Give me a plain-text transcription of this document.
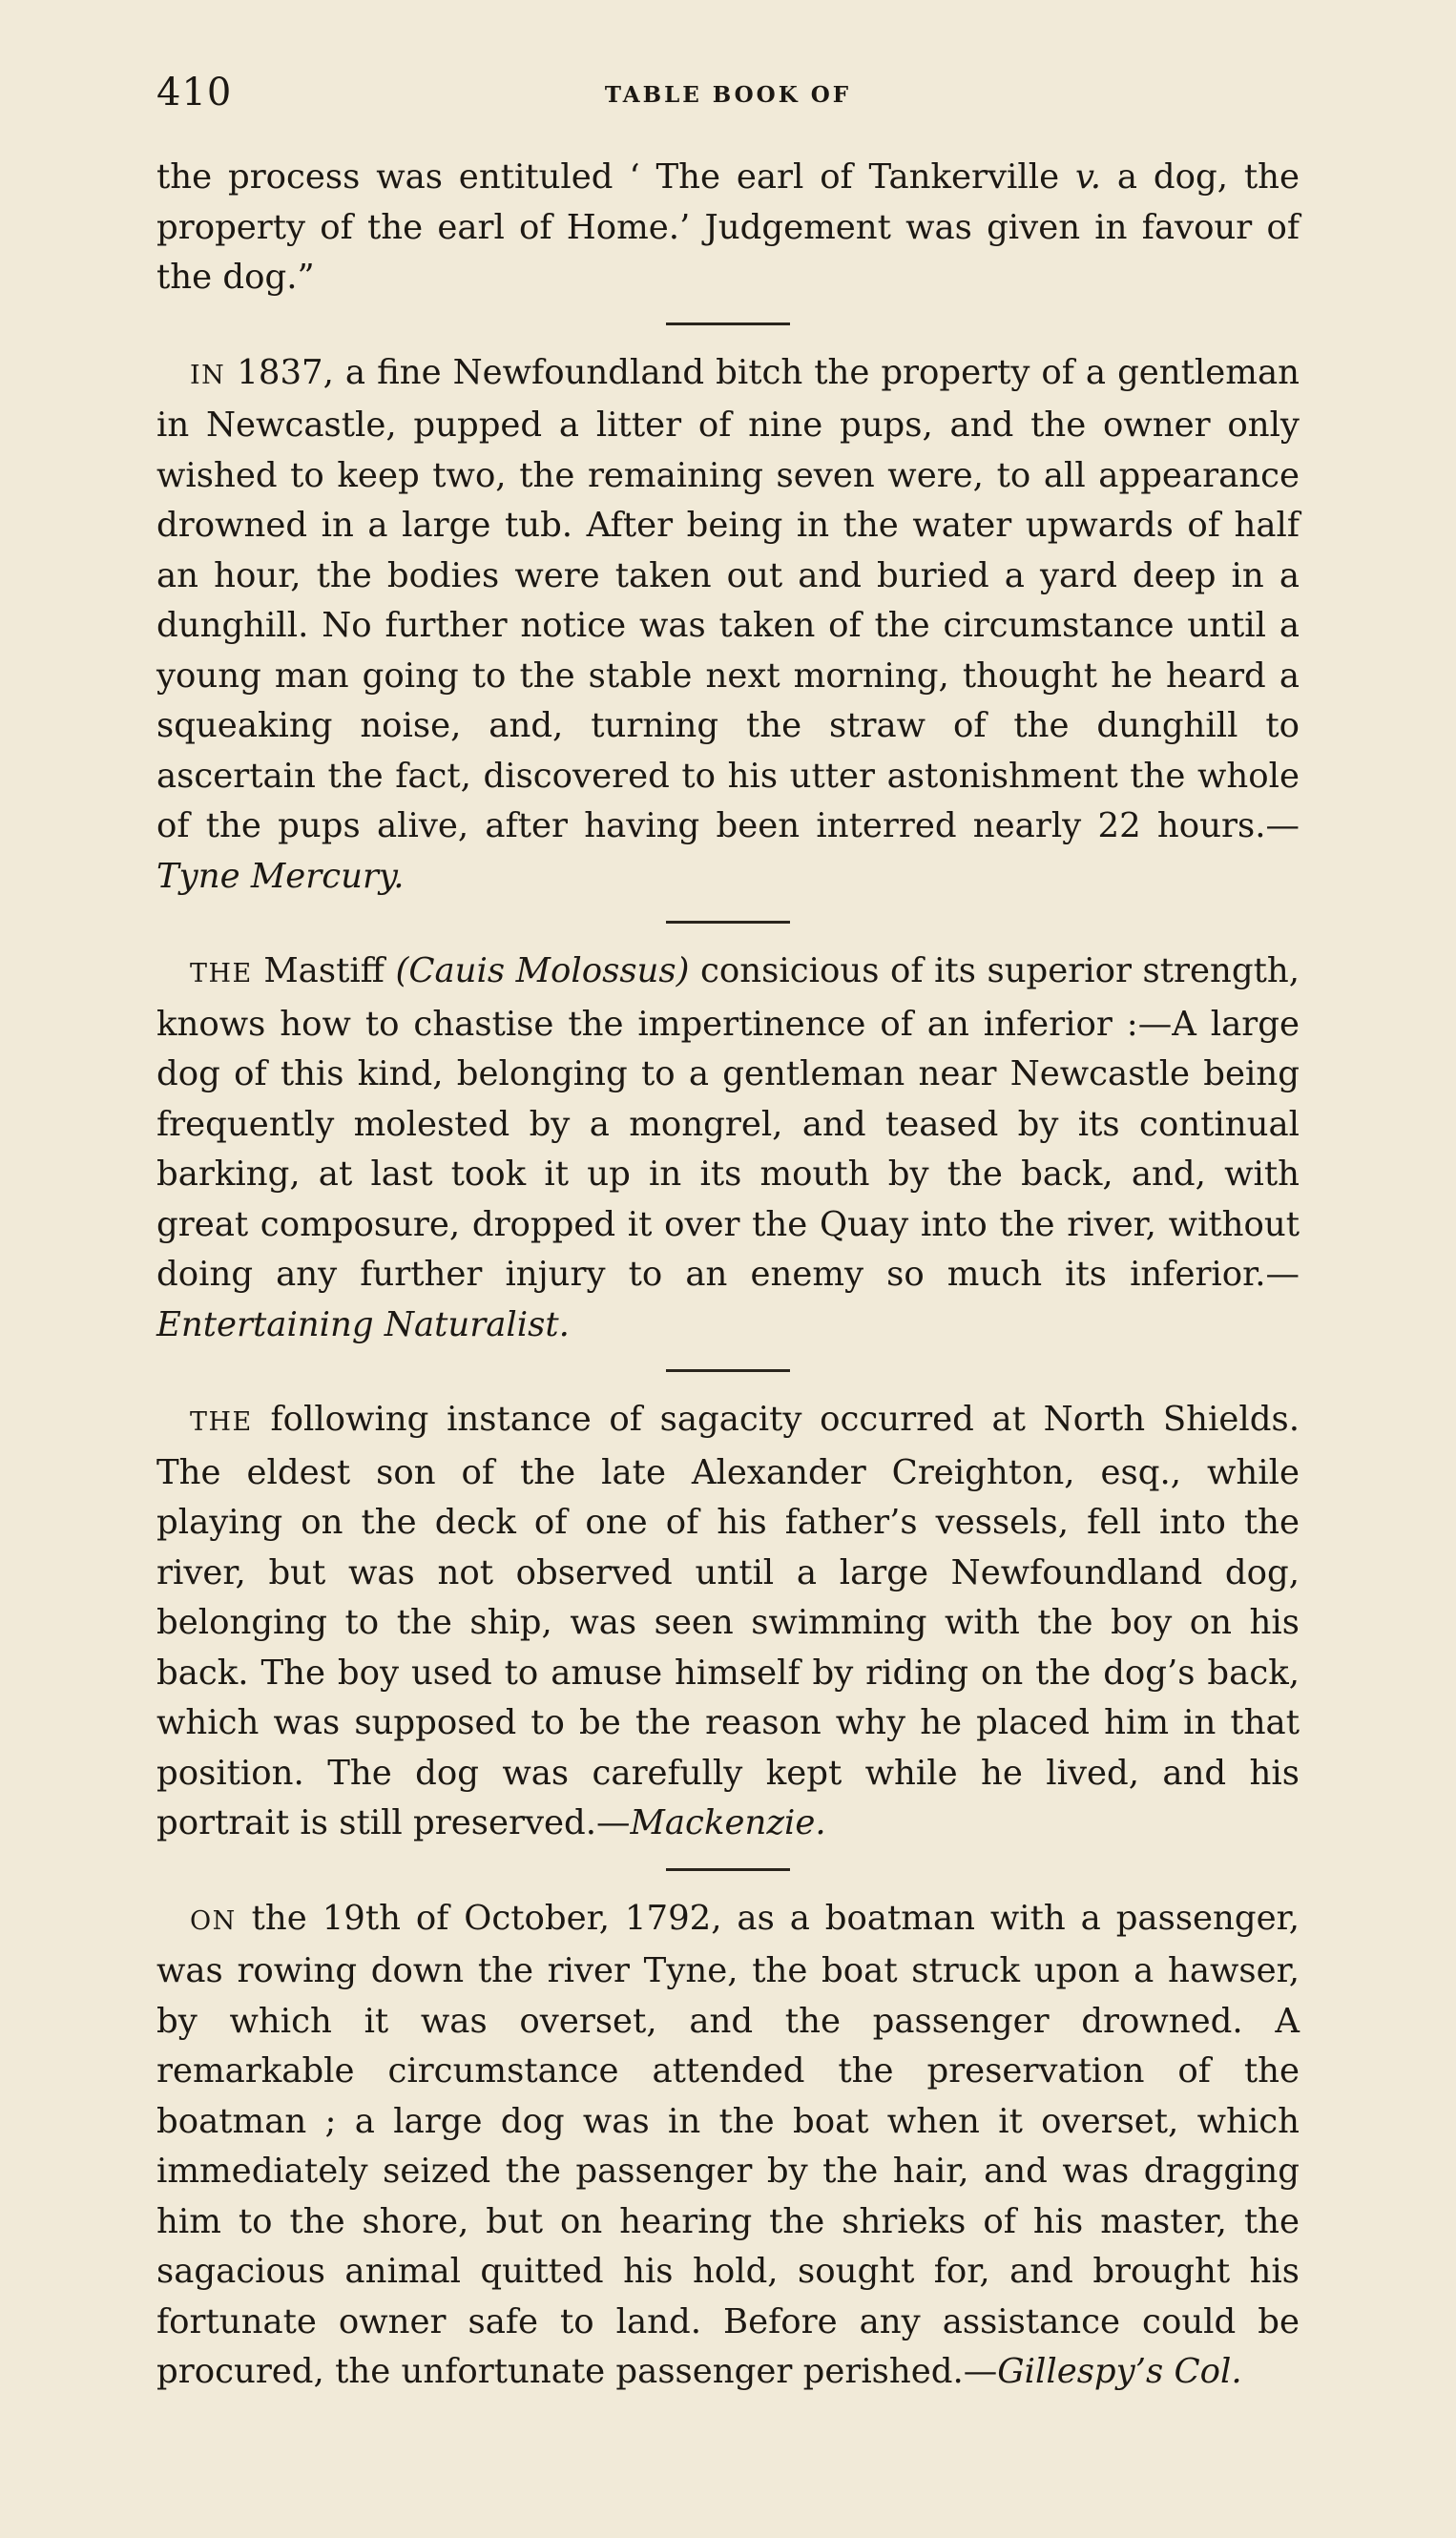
410	TABLE BOOK OF

the process was entituled ‘ The earl of Tankerville v. a dog, the property of the earl of Home.’ Judgement was given in favour of the dog.”

IN 1837, a fine Newfoundland bitch the property of a gentleman in Newcastle, pupped a litter of nine pups, and the owner only wished to keep two, the remaining seven were, to all appearance drowned in a large tub. After being in the water upwards of half an hour, the bodies were taken out and buried a yard deep in a dunghill. No further notice was taken of the circumstance until a young man going to the stable next morning, thought he heard a squeaking noise, and, turning the straw of the dunghill to ascertain the fact, discovered to his utter astonishment the whole of the pups alive, after having been interred nearly 22 hours.—Tyne Mercury.

THE Mastiff (Cauis Molossus) consicious of its superior strength, knows how to chastise the impertinence of an inferior :—A large dog of this kind, belonging to a gentleman near Newcastle being frequently molested by a mongrel, and teased by its continual barking, at last took it up in its mouth by the back, and, with great composure, dropped it over the Quay into the river, without doing any further injury to an enemy so much its inferior.—Entertaining Naturalist.

THE following instance of sagacity occurred at North Shields. The eldest son of the late Alexander Creighton, esq., while playing on the deck of one of his father’s vessels, fell into the river, but was not observed until a large Newfoundland dog, belonging to the ship, was seen swimming with the boy on his back. The boy used to amuse himself by riding on the dog’s back, which was supposed to be the reason why he placed him in that position. The dog was carefully kept while he lived, and his portrait is still preserved.—Mackenzie.

ON the 19th of October, 1792, as a boatman with a passenger, was rowing down the river Tyne, the boat struck upon a hawser, by which it was overset, and the passenger drowned. A remarkable circumstance attended the preservation of the boatman ; a large dog was in the boat when it overset, which immediately seized the passenger by the hair, and was dragging him to the shore, but on hearing the shrieks of his master, the sagacious animal quitted his hold, sought for, and brought his fortunate owner safe to land. Before any assistance could be procured, the unfortunate passenger perished.—Gillespy’s Col.
